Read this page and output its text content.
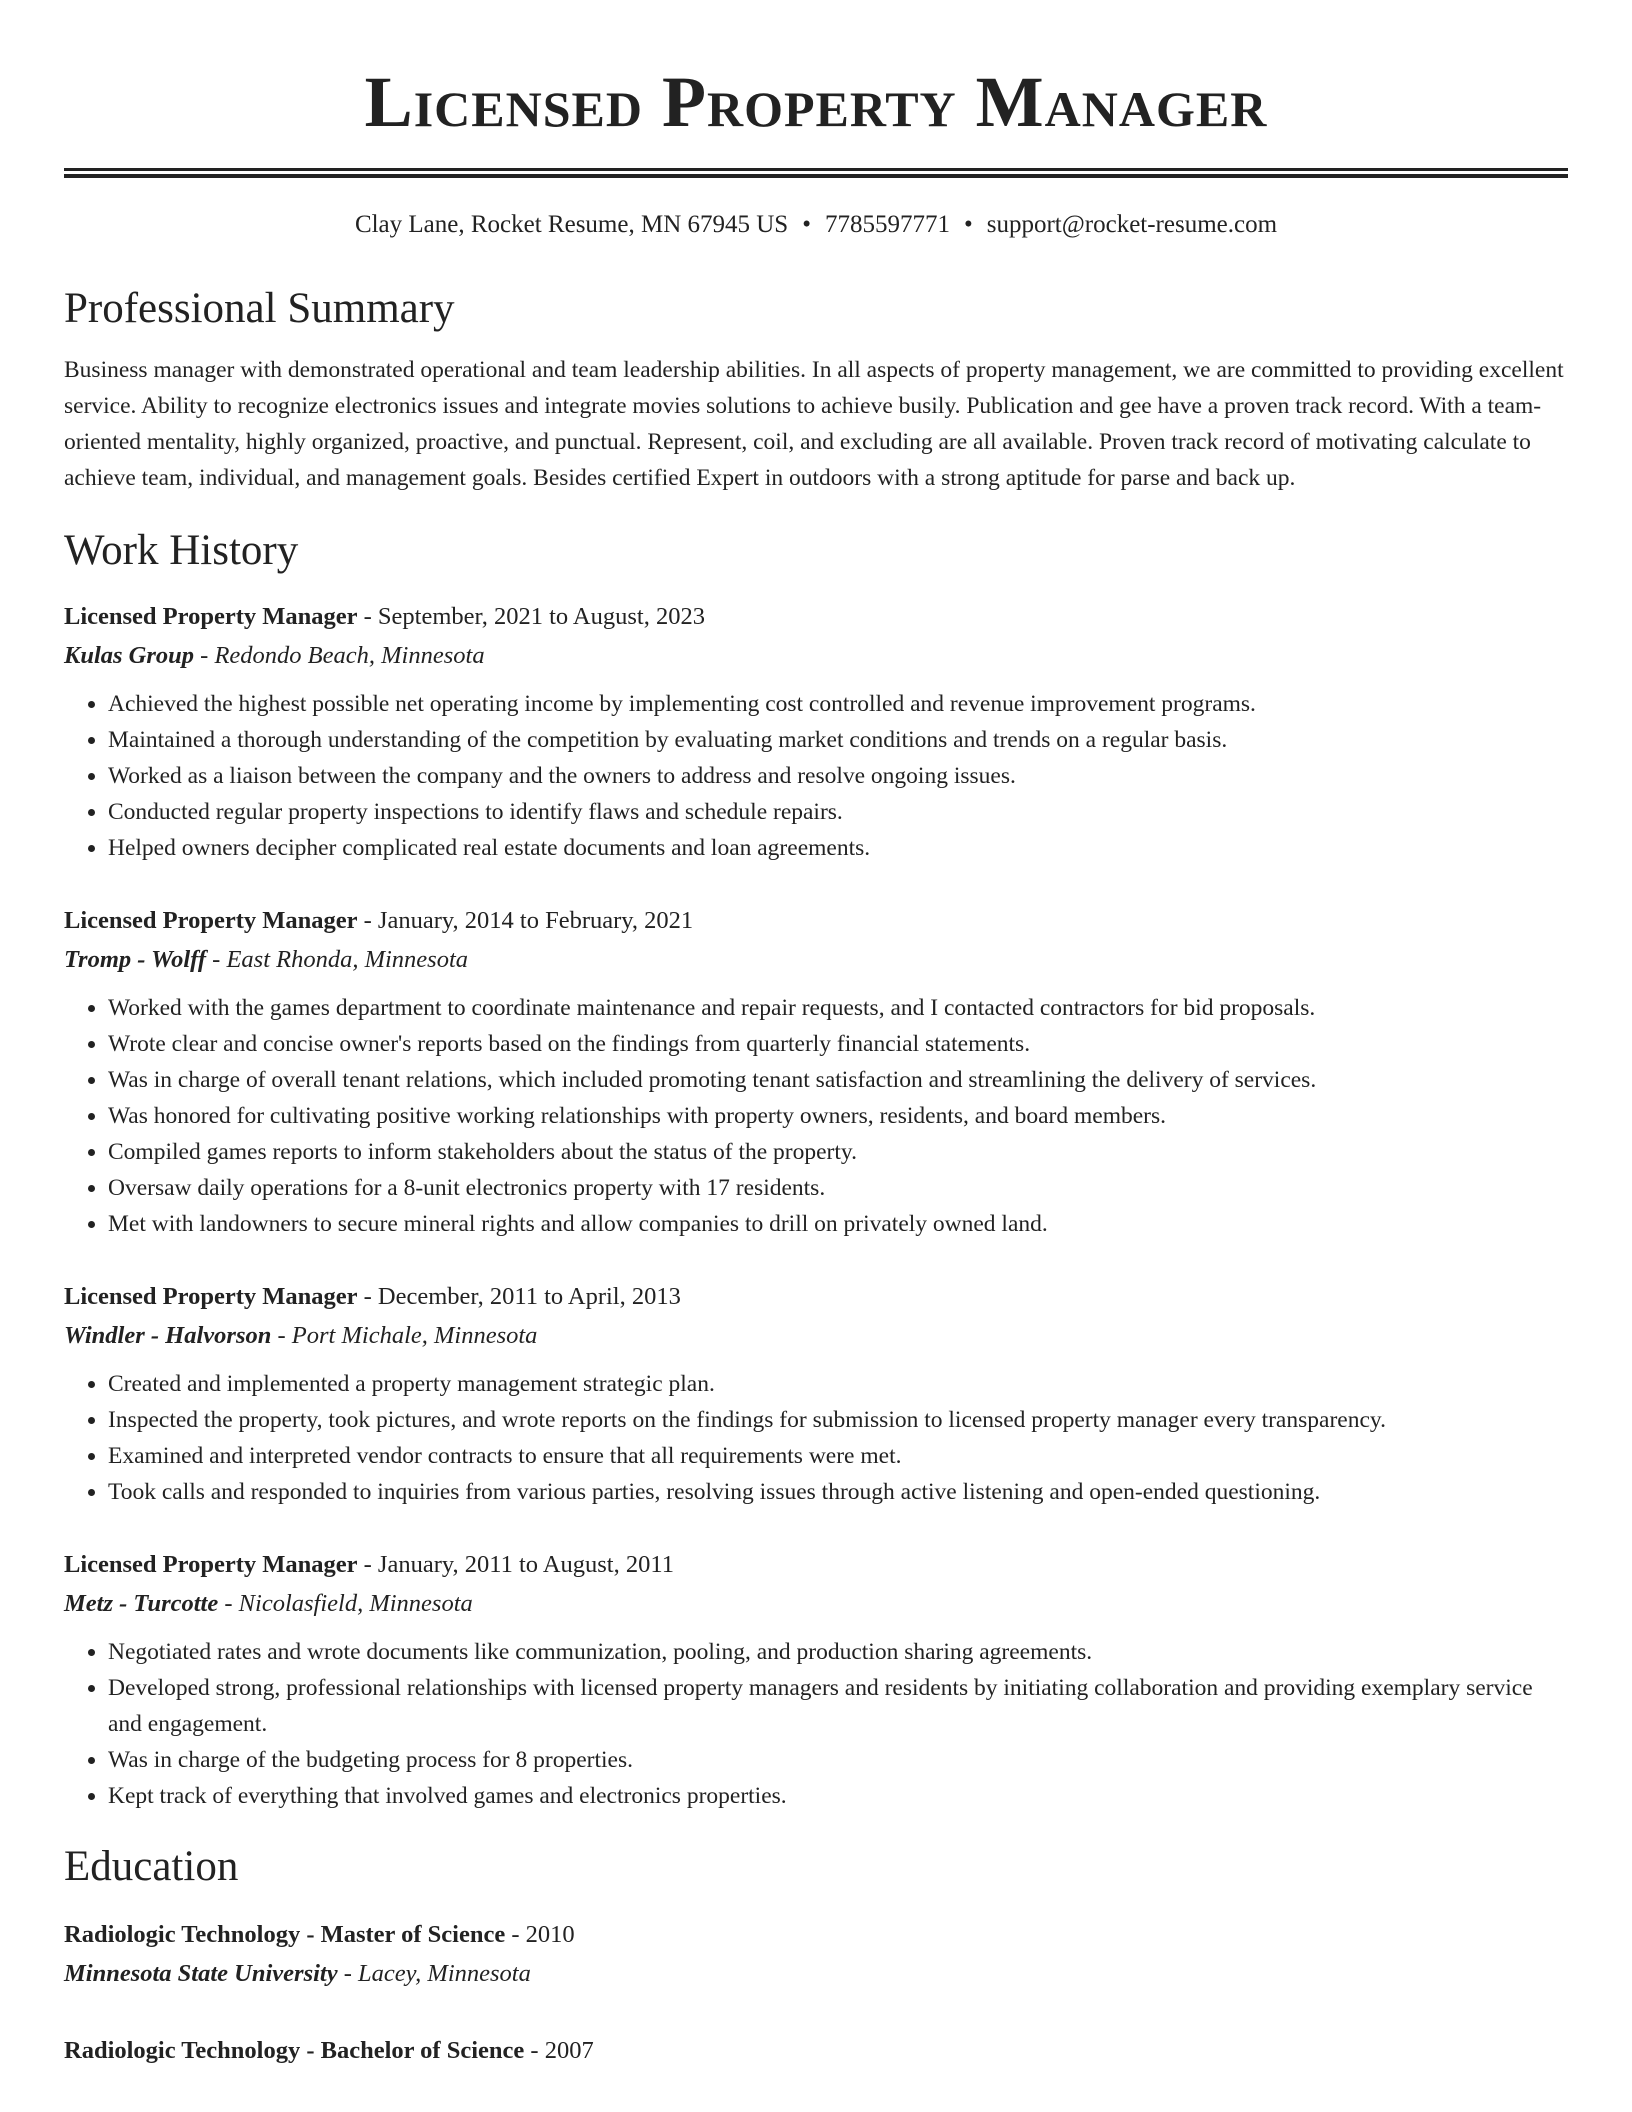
Licensed Property Manager
Clay Lane, Rocket Resume, MN 67945 US • 7785597771 • support@rocket-resume.com
Professional Summary

Business manager with demonstrated operational and team leadership abilities. In all aspects of property management, we are committed to providing excellent service. Ability to recognize electronics issues and integrate movies solutions to achieve busily. Publication and gee have a proven track record. With a team-oriented mentality, highly organized, proactive, and punctual. Represent, coil, and excluding are all available. Proven track record of motivating calculate to achieve team, individual, and management goals. Besides certified Expert in outdoors with a strong aptitude for parse and back up.

Work History
Licensed Property Manager - September, 2021 to August, 2023
Kulas Group - Redondo Beach, Minnesota
• Achieved the highest possible net operating income by implementing cost controlled and revenue improvement programs.
• Maintained a thorough understanding of the competition by evaluating market conditions and trends on a regular basis.
• Worked as a liaison between the company and the owners to address and resolve ongoing issues.
• Conducted regular property inspections to identify flaws and schedule repairs.
• Helped owners decipher complicated real estate documents and loan agreements.
Licensed Property Manager - January, 2014 to February, 2021
Tromp - Wolff - East Rhonda, Minnesota
• Worked with the games department to coordinate maintenance and repair requests, and I contacted contractors for bid proposals.
• Wrote clear and concise owner's reports based on the findings from quarterly financial statements.
• Was in charge of overall tenant relations, which included promoting tenant satisfaction and streamlining the delivery of services.
• Was honored for cultivating positive working relationships with property owners, residents, and board members.
• Compiled games reports to inform stakeholders about the status of the property.
• Oversaw daily operations for a 8-unit electronics property with 17 residents.
• Met with landowners to secure mineral rights and allow companies to drill on privately owned land.
Licensed Property Manager - December, 2011 to April, 2013
Windler - Halvorson - Port Michale, Minnesota
• Created and implemented a property management strategic plan.
• Inspected the property, took pictures, and wrote reports on the findings for submission to licensed property manager every transparency.
• Examined and interpreted vendor contracts to ensure that all requirements were met.
• Took calls and responded to inquiries from various parties, resolving issues through active listening and open-ended questioning.
Licensed Property Manager - January, 2011 to August, 2011
Metz - Turcotte - Nicolasfield, Minnesota
• Negotiated rates and wrote documents like communization, pooling, and production sharing agreements.
• Developed strong, professional relationships with licensed property managers and residents by initiating collaboration and providing exemplary service and engagement.
• Was in charge of the budgeting process for 8 properties.
• Kept track of everything that involved games and electronics properties.
Education
Radiologic Technology - Master of Science - 2010
Minnesota State University - Lacey, Minnesota
Radiologic Technology - Bachelor of Science - 2007
